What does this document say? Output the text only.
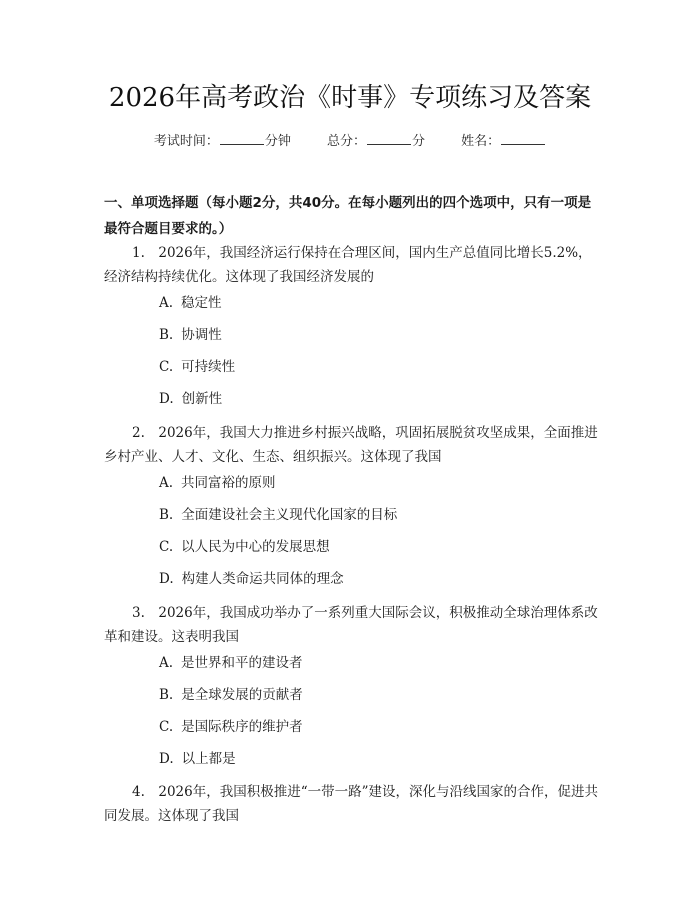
2026年高考政治《时事》专项练习及答案
考试时间：	分钟	总分：	分	姓名：
一、单项选择题（每小题2分，共40分。在每小题列出的四个选项中，只有一项是最符合题目要求的。）
1.　2026年，我国经济运行保持在合理区间，国内生产总值同比增长5.2%，经济结构持续优化。这体现了我国经济发展的
A. 稳定性
B. 协调性
C. 可持续性
D. 创新性
2.　2026年，我国大力推进乡村振兴战略，巩固拓展脱贫攻坚成果，全面推进乡村产业、人才、文化、生态、组织振兴。这体现了我国
A. 共同富裕的原则
B. 全面建设社会主义现代化国家的目标
C. 以人民为中心的发展思想
D. 构建人类命运共同体的理念
3.　2026年，我国成功举办了一系列重大国际会议，积极推动全球治理体系改革和建设。这表明我国
A. 是世界和平的建设者
B. 是全球发展的贡献者
C. 是国际秩序的维护者
D. 以上都是
4.　2026年，我国积极推进“一带一路”建设，深化与沿线国家的合作，促进共同发展。这体现了我国
